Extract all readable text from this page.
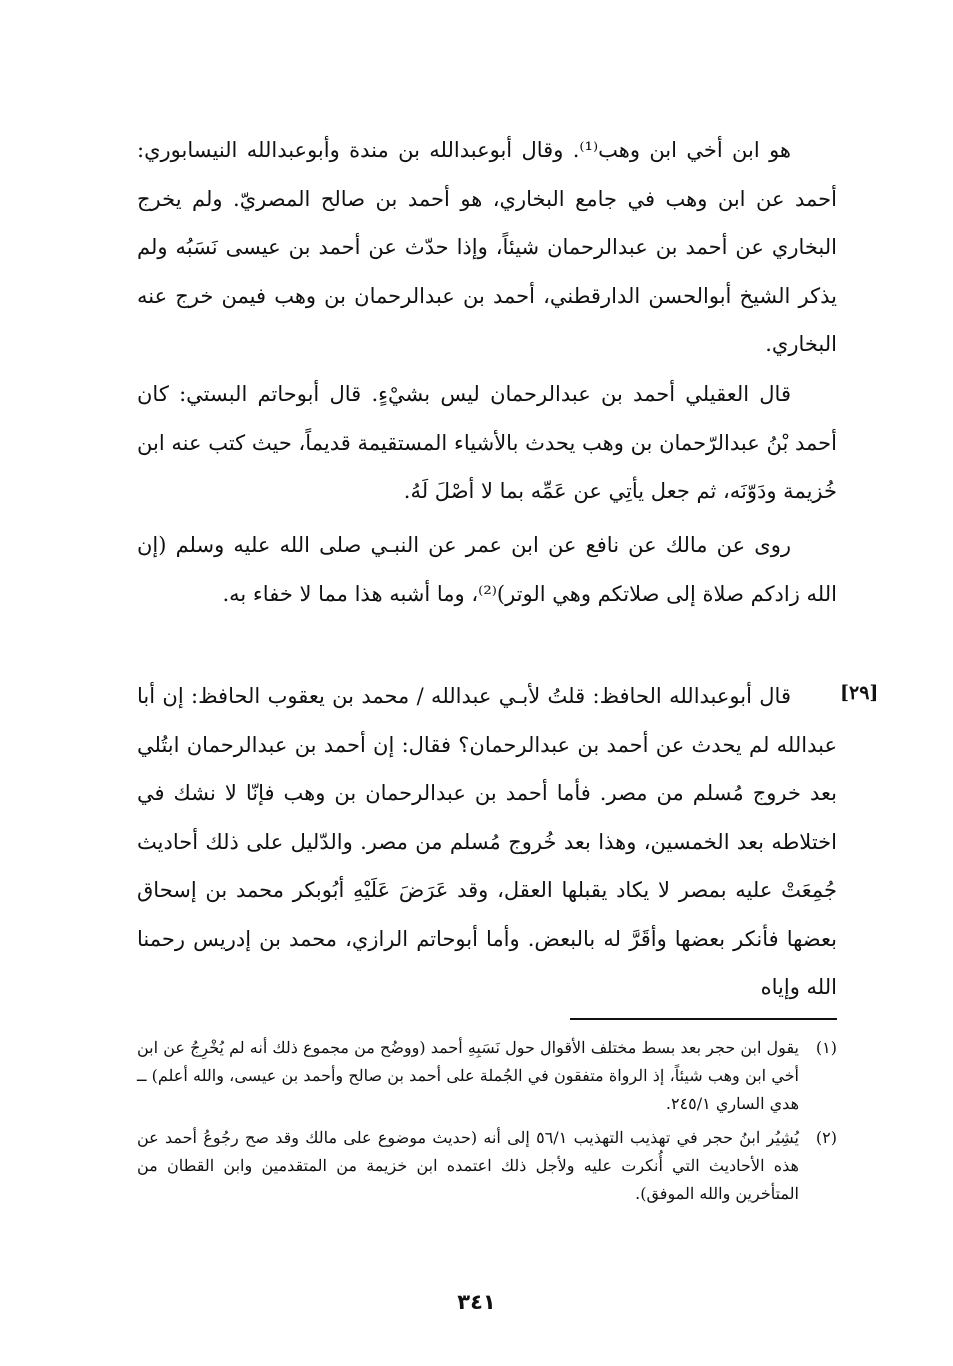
هو ابن أخي ابن وهب⁽¹⁾. وقال أبوعبدالله بن مندة وأبوعبدالله النيسابوري: أحمد عن ابن وهب في جامع البخاري، هو أحمد بن صالح المصريّ. ولم يخرج البخاري عن أحمد بن عبدالرحمان شيئاً، وإذا حدّث عن أحمد بن عيسى نَسَبُه ولم يذكر الشيخ أبوالحسن الدارقطني، أحمد بن عبدالرحمان بن وهب فيمن خرج عنه البخاري.

قال العقيلي أحمد بن عبدالرحمان ليس بشيْءٍ. قال أبوحاتم البستي: كان أحمد بْنُ عبدالرّحمان بن وهب يحدث بالأشياء المستقيمة قديماً، حيث كتب عنه ابن خُزيمة ودَوّنَه، ثم جعل يأتِي عن عَمِّه بما لا أصْلَ لَهُ.

روى عن مالك عن نافع عن ابن عمر عن النبـي صلى الله عليه وسلم (إن الله زادكم صلاة إلى صلاتكم وهي الوتر)⁽²⁾، وما أشبه هذا مما لا خفاء به.

[٢٩]

قال أبوعبدالله الحافظ: قلتُ لأبـي عبدالله / محمد بن يعقوب الحافظ: إن أبا عبدالله لم يحدث عن أحمد بن عبدالرحمان؟ فقال: إن أحمد بن عبدالرحمان ابتُلي بعد خروج مُسلم من مصر. فأما أحمد بن عبدالرحمان بن وهب فإنّا لا نشك في اختلاطه بعد الخمسين، وهذا بعد خُروج مُسلم من مصر. والدّليل على ذلك أحاديث جُمِعَتْ عليه بمصر لا يكاد يقبلها العقل، وقد عَرَضَ عَلَيْهِ أبُوبكر محمد بن إسحاق بعضها فأنكر بعضها وأقَرَّ له بالبعض. وأما أبوحاتم الرازي، محمد بن إدريس رحمنا الله وإياه

(١)
يقول ابن حجر بعد بسط مختلف الأقوال حول نَسَبِهِ أحمد (ووضُح من مجموع ذلك أنه لم يُخْرِجُ عن ابن أخي ابن وهب شيئاً، إذ الرواة متفقون في الجُملة على أحمد بن صالح وأحمد بن عيسى، والله أعلم) ــ هدي الساري ٢٤٥/١.

(٢)
يُشِيُر ابنُ حجر في تهذيب التهذيب ٥٦/١ إلى أنه (حديث موضوع على مالك وقد صح رجُوعُ أحمد عن هذه الأحاديث التي أُنكرت عليه ولأجل ذلك اعتمده ابن خزيمة من المتقدمين وابن القطان من المتأخرين والله الموفق).

٣٤١
